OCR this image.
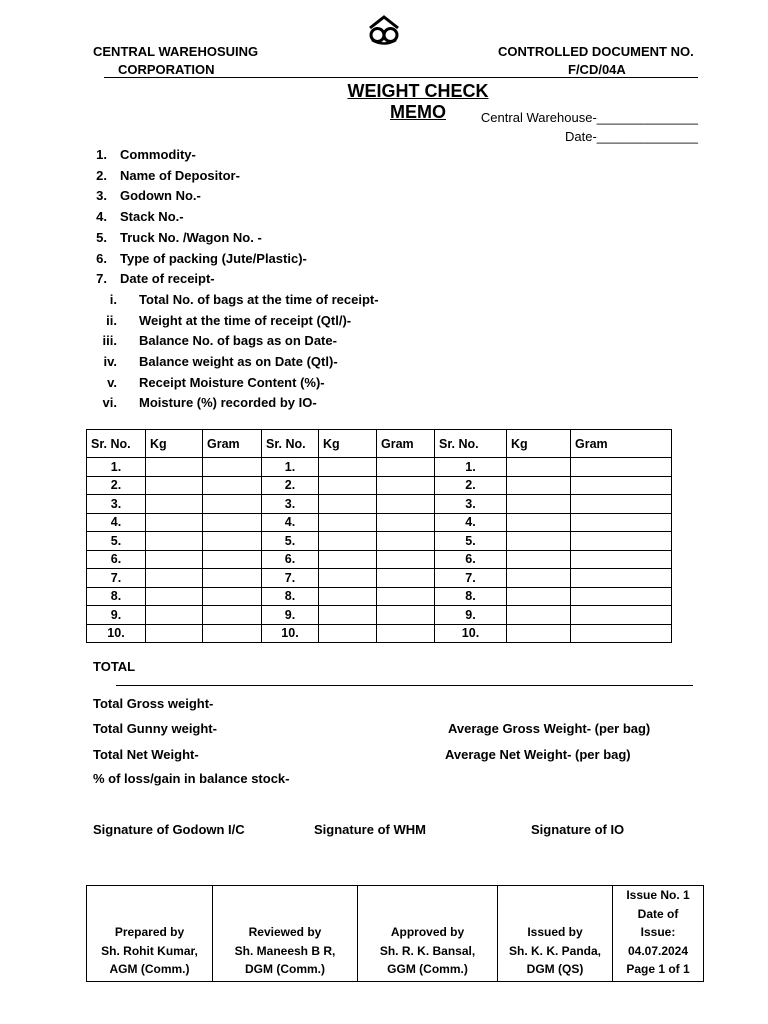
CENTRAL WAREHOSUING
CORPORATION
CONTROLLED DOCUMENT NO.
F/CD/04A
WEIGHT CHECK MEMO	Central Warehouse-______________
Date-______________
1. Commodity-
2. Name of Depositor-
3. Godown No.-
4. Stack No.-
5. Truck No. /Wagon No. -
6. Type of packing (Jute/Plastic)-
7. Date of receipt-
i. Total No. of bags at the time of receipt-
ii. Weight at the time of receipt (Qtl/)-
iii. Balance No. of bags as on Date-
iv. Balance weight as on Date (Qtl)-
v. Receipt Moisture Content (%)-
vi. Moisture (%) recorded by IO-
Sr. No.	Kg	Gram	Sr. No.	Kg	Gram	Sr. No.	Kg	Gram
1.			1.			1.		
2.			2.			2.		
3.			3.			3.		
4.			4.			4.		
5.			5.			5.		
6.			6.			6.		
7.			7.			7.		
8.			8.			8.		
9.			9.			9.		
10.			10.			10.		
TOTAL
Total Gross weight-
Total Gunny weight-	Average Gross Weight- (per bag)
Total Net Weight-	Average Net Weight- (per bag)
% of loss/gain in balance stock-
Signature of Godown I/C	Signature of WHM	Signature of IO
Prepared by
Sh. Rohit Kumar,
AGM (Comm.)

Reviewed by
Sh. Maneesh B R,
DGM (Comm.)

Approved by
Sh. R. K. Bansal,
GGM (Comm.)

Issued by
Sh. K. K. Panda,
DGM (QS)

Issue No. 1
Date of
Issue:
04.07.2024
Page 1 of 1
